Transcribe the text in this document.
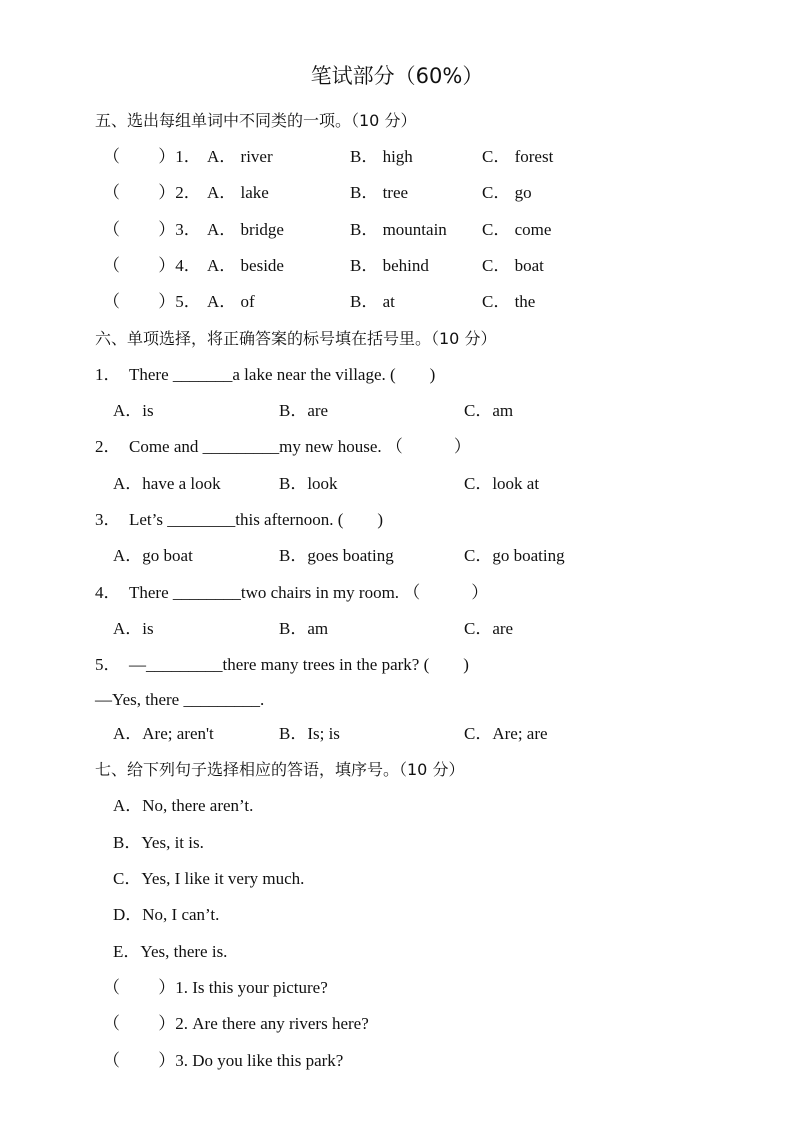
笔试部分（60%）
五、选出每组单词中不同类的一项。（10 分）
（　　 ）1． A． river	B． high	C． forest
（　　 ）2． A． lake	B． tree	C． go
（　　 ）3． A． bridge	B． mountain C． come
（　　 ）4． A． beside	B． behind	C． boat
（　　 ）5． A． of	B． at	C． the
六、单项选择，将正确答案的标号填在括号里。（10 分）
1．　There _______a lake near the village. (　　)
A．is	B．are	C．am
2．　Come and _________my new house. （　　　）
A．have a look	B．look	C．look at
3．　Let’s ________this afternoon. (　　)
A．go boat	B．goes boating	C．go boating
4．　There ________two chairs in my room. （　　　）
A．is	B．am	C．are
5．　—_________there many trees in the park? (　　)
—Yes, there _________.
A．Are; aren't	B．Is; is	C．Are; are
七、给下列句子选择相应的答语，填序号。（10 分）
A．No, there aren’t.
B．Yes, it is.
C．Yes, I like it very much.
D．No, I can’t.
E．Yes, there is.
（　　 ）1. Is this your picture?
（　　 ）2. Are there any rivers here?
（　　 ）3. Do you like this park?
